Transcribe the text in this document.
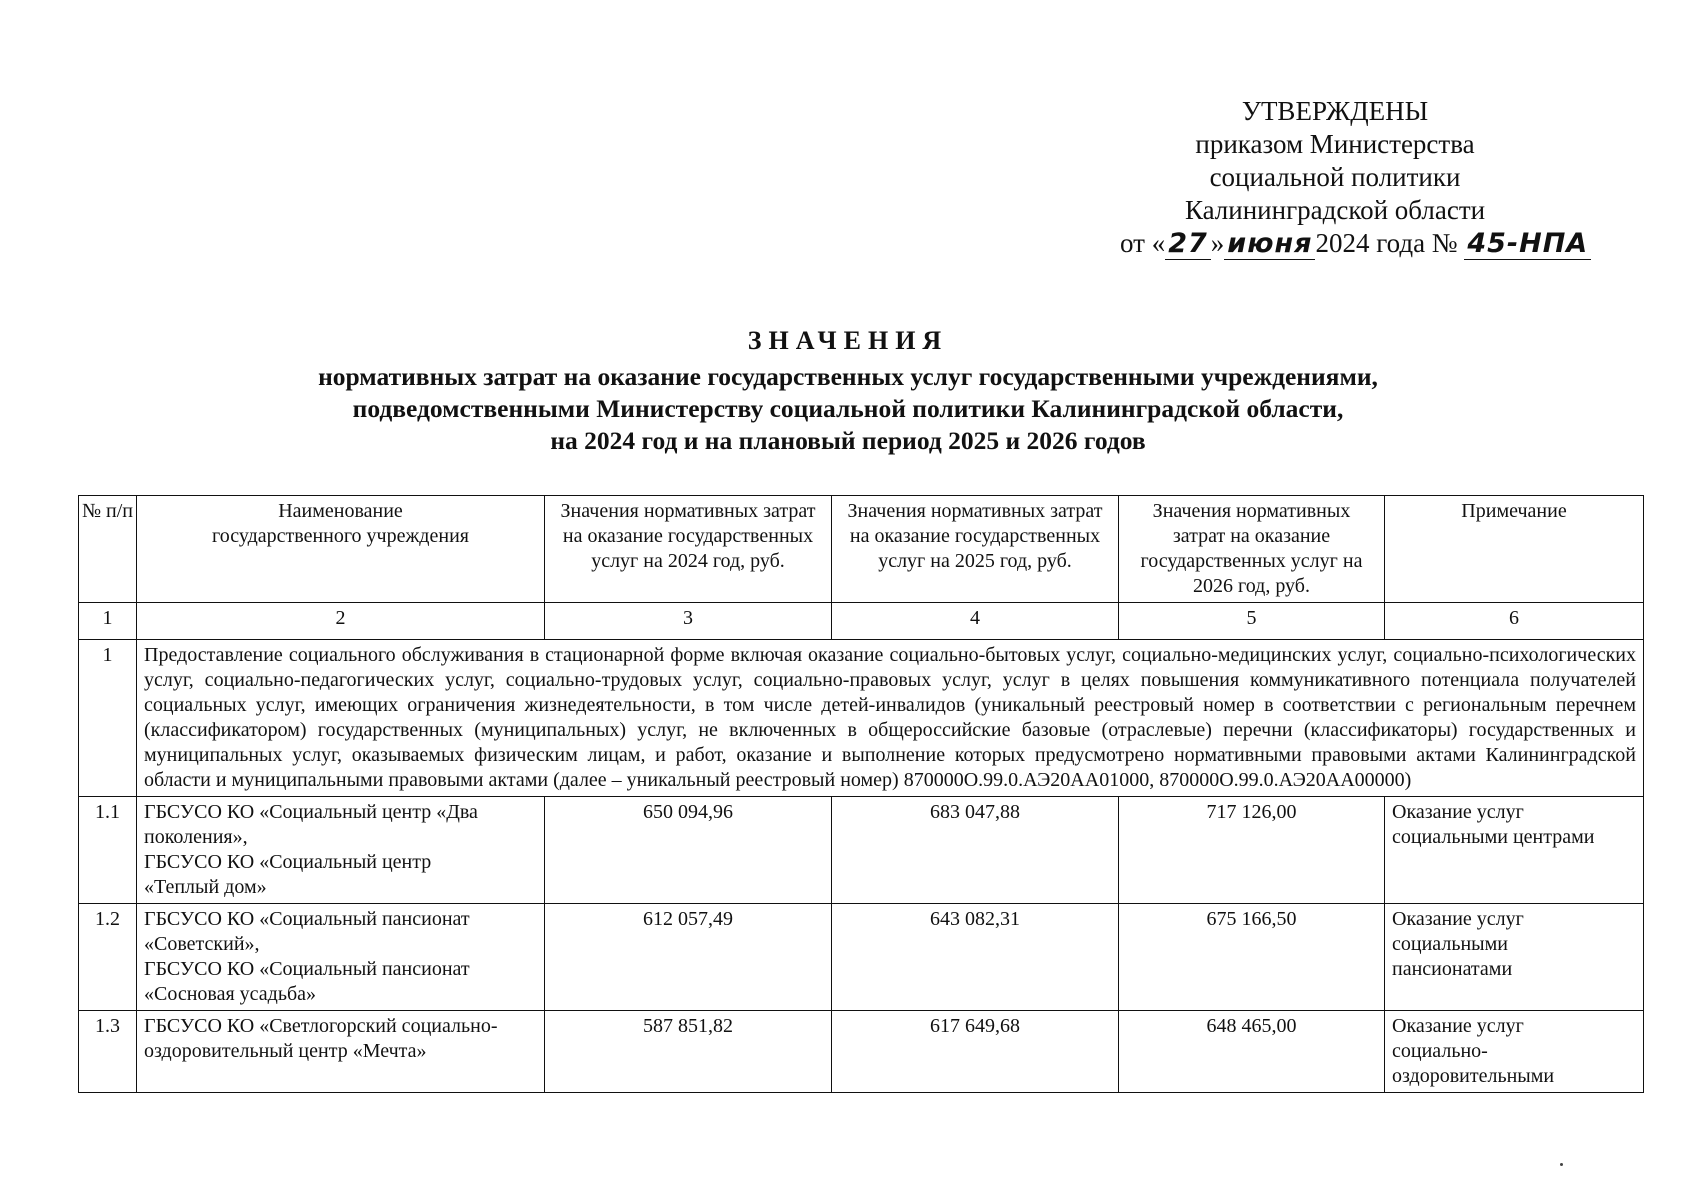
УТВЕРЖДЕНЫ
приказом Министерства
социальной политики
Калининградской области
от « 27 » июня 2024 года № 45-НПА
ЗНАЧЕНИЯ
нормативных затрат на оказание государственных услуг государственными учреждениями,
подведомственными Министерству социальной политики Калининградской области,
на 2024 год и на плановый период 2025 и 2026 годов
№ п/п	Наименование
государственного учреждения	Значения нормативных затрат на оказание государственных услуг на 2024 год, руб.	Значения нормативных затрат на оказание государственных услуг на 2025 год, руб.	Значения нормативных затрат на оказание государственных услуг на 2026 год, руб.	Примечание
1	2	3	4	5	6
1	Предоставление социального обслуживания в стационарной форме включая оказание социально-бытовых услуг, социально-медицинских услуг, социально-психологических услуг, социально-педагогических услуг, социально-трудовых услуг, социально-правовых услуг, услуг в целях повышения коммуникативного потенциала получателей социальных услуг, имеющих ограничения жизнедеятельности, в том числе детей-инвалидов (уникальный реестровый номер в соответствии с региональным перечнем (классификатором) государственных (муниципальных) услуг, не включенных в общероссийские базовые (отраслевые) перечни (классификаторы) государственных и муниципальных услуг, оказываемых физическим лицам, и работ, оказание и выполнение которых предусмотрено нормативными правовыми актами Калининградской области и муниципальными правовыми актами (далее – уникальный реестровый номер) 870000О.99.0.АЭ20АА01000, 870000О.99.0.АЭ20АА00000)				
1.1	ГБСУСО КО «Социальный центр «Два
поколения»,
ГБСУСО КО «Социальный центр
«Теплый дом»	650 094,96	683 047,88	717 126,00	Оказание услуг
социальными центрами
1.2	ГБСУСО КО «Социальный пансионат
«Советский»,
ГБСУСО КО «Социальный пансионат
«Сосновая усадьба»	612 057,49	643 082,31	675 166,50	Оказание услуг
социальными
пансионатами
1.3	ГБСУСО КО «Светлогорский социально-
оздоровительный центр «Мечта»	587 851,82	617 649,68	648 465,00	Оказание услуг
социально-
оздоровительными
